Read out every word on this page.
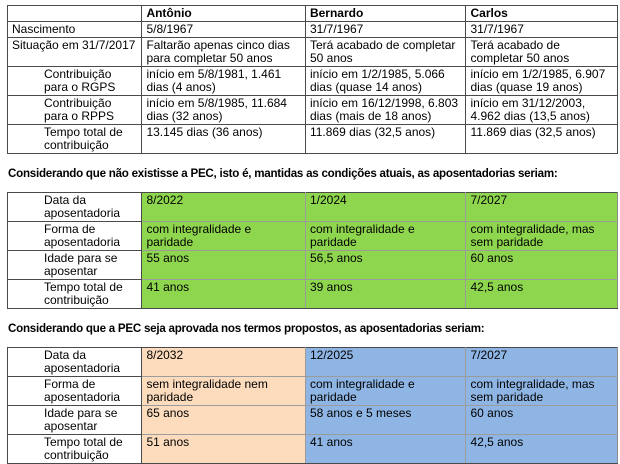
	Antônio	Bernardo	Carlos
Nascimento	5/8/1967	31/7/1967	31/7/1967
Situação em 31/7/2017	Faltarão apenas cinco dias para completar 50 anos	Terá acabado de completar 50 anos	Terá acabado de completar 50 anos
Contribuição para o RGPS	início em 5/8/1981, 1.461 dias (4 anos)	início em 1/2/1985, 5.066 dias (quase 14 anos)	início em 1/2/1985, 6.907 dias (quase 19 anos)
Contribuição para o RPPS	início em 5/8/1985, 11.684 dias (32 anos)	início em 16/12/1998, 6.803 dias (mais de 18 anos)	início em 31/12/2003, 4.962 dias (13,5 anos)
Tempo total de contribuição	13.145 dias (36 anos)	11.869 dias (32,5 anos)	11.869 dias (32,5 anos)

Considerando que não existisse a PEC, isto é, mantidas as condições atuais, as aposentadorias seriam:

Data da aposentadoria	8/2022	1/2024	7/2027
Forma de aposentadoria	com integralidade e paridade	com integralidade e paridade	com integralidade, mas sem paridade
Idade para se aposentar	55 anos	56,5 anos	60 anos
Tempo total de contribuição	41 anos	39 anos	42,5 anos

Considerando que a PEC seja aprovada nos termos propostos, as aposentadorias seriam:

Data da aposentadoria	8/2032	12/2025	7/2027
Forma de aposentadoria	sem integralidade nem paridade	com integralidade e paridade	com integralidade, mas sem paridade
Idade para se aposentar	65 anos	58 anos e 5 meses	60 anos
Tempo total de contribuição	51 anos	41 anos	42,5 anos
